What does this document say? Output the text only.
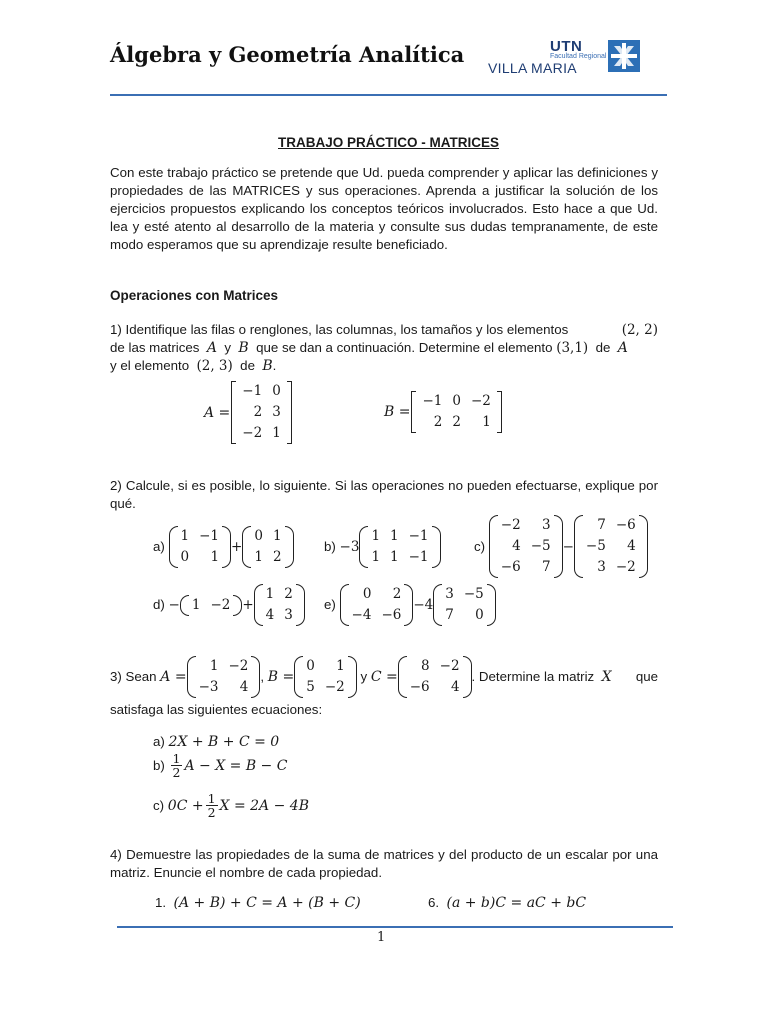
Álgebra y Geometría Analítica	UTN
Facultad Regional
VILLA MARIA
TRABAJO PRÁCTICO - MATRICES
Con este trabajo práctico se pretende que Ud. pueda comprender y aplicar las definiciones y propiedades de las MATRICES y sus operaciones. Aprenda a justificar la solución de los ejercicios propuestos explicando los conceptos teóricos involucrados. Esto hace a que Ud. lea y esté atento al desarrollo de la materia y consulte sus dudas tempranamente, de este modo esperamos que su aprendizaje resulte beneficiado.
Operaciones con Matrices
1) Identifique las filas o renglones, las columnas, los tamaños y los elementos	(2, 2)
de las matrices A y B que se dan a continuación. Determine el elemento (3,1) de A
y el elemento (2, 3) de B.
A =
−1	0
2	3
−2	1
B =
−1	0	−2
2	2	1
2) Calcule, si es posible, lo siguiente. Si las operaciones no pueden efectuarse, explique por qué.
a)

1	−1
0	1
+
0	1
1	2
b)
−3
1	1	−1
1	1	−1
c)

−2	3
4	−5
−6	7
−
7	−6
−5	4
3	−2
d)
− 1	−2 +
1	2
4	3
e)

0	2
−4	−6
− 4
3	−5
7	0
3) Sean
A =
1	−2
−3	4
,
B =
0	1
5	−2

y
C =
8	−2
−6	4
. Determine la matriz
X que
satisfaga las siguientes ecuaciones:
a)
2X + B + C = 0
b)
$\frac{1}{2}$ A − X = B − C
c)
$0C + \frac{1}{2}$ X = 2A − 4B
4) Demuestre las propiedades de la suma de matrices y del producto de un escalar por una matriz. Enuncie el nombre de cada propiedad.
1.
(A + B) + C = A + (B + C)	6.
(a + b)C = aC + bC
1
